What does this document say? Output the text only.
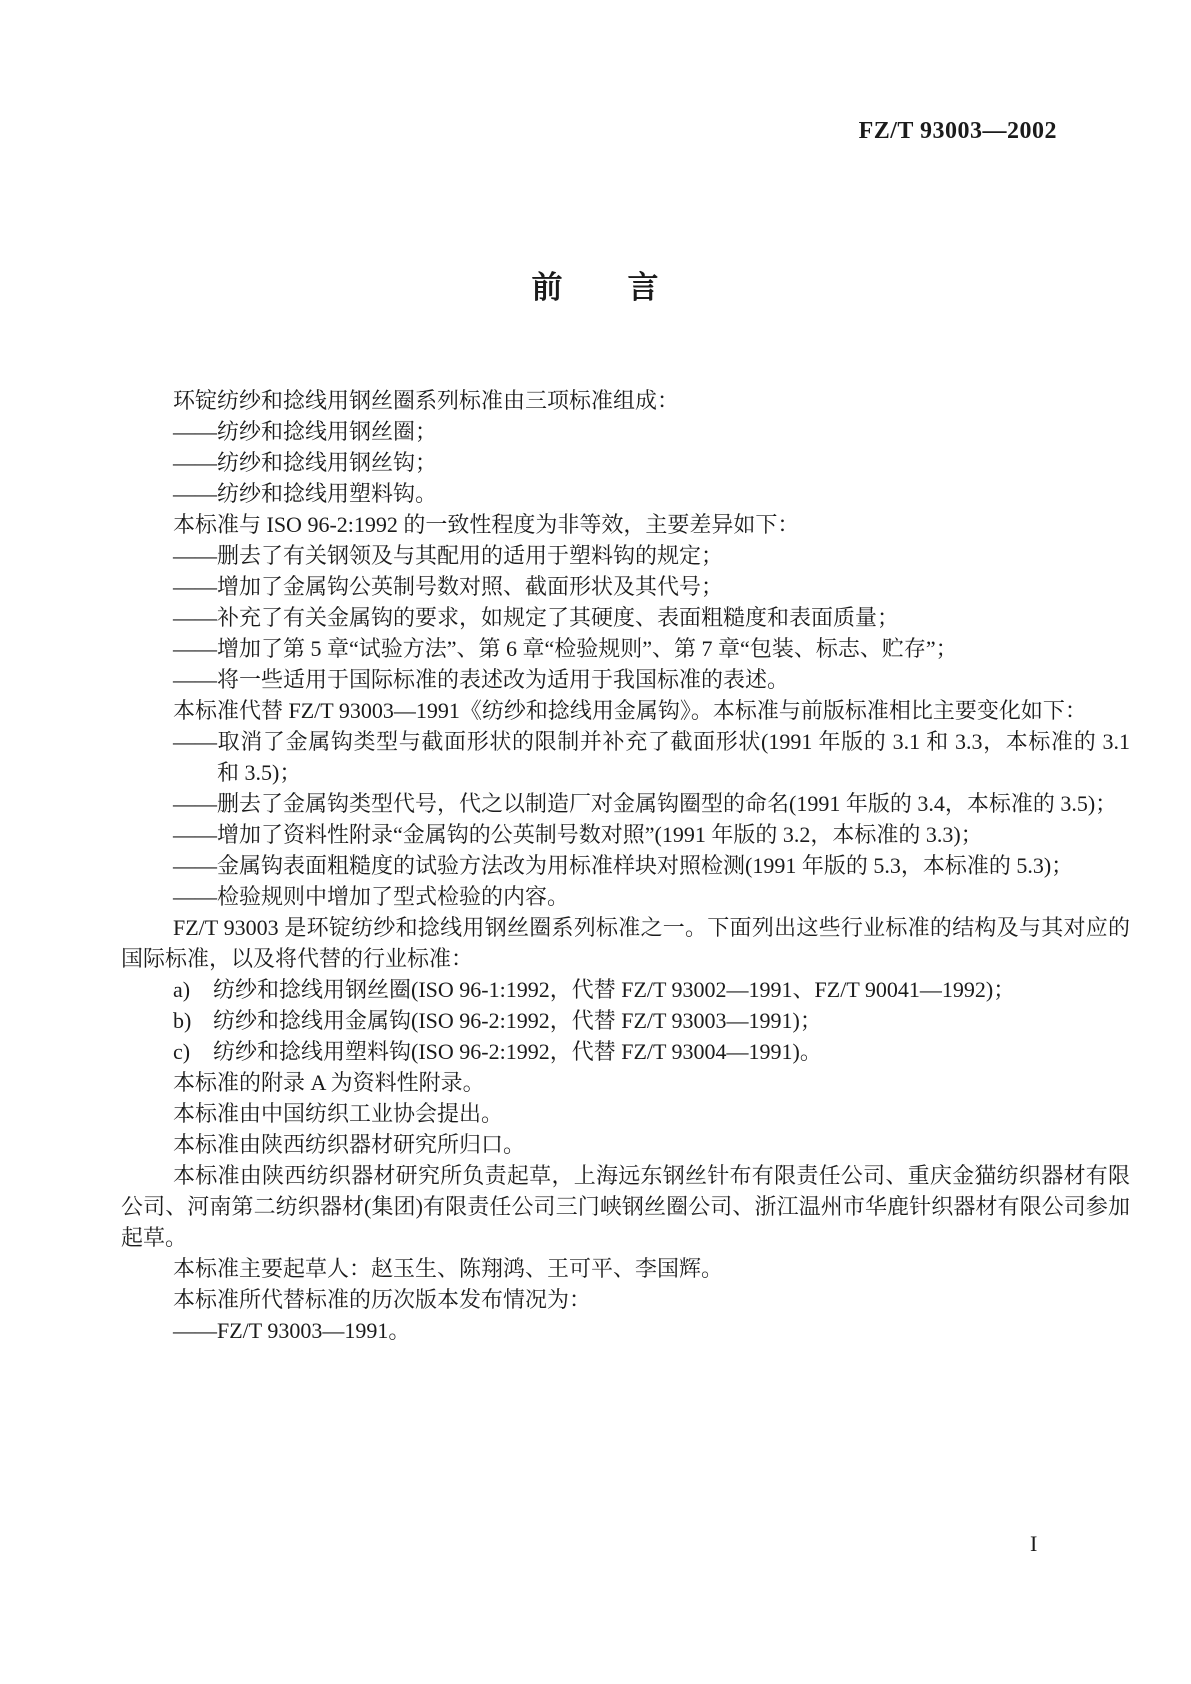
FZ/T 93003—2002
前　　言

环锭纺纱和捻线用钢丝圈系列标准由三项标准组成：

——纺纱和捻线用钢丝圈；

——纺纱和捻线用钢丝钩；

——纺纱和捻线用塑料钩。

本标准与 ISO 96-2:1992 的一致性程度为非等效，主要差异如下：

——删去了有关钢领及与其配用的适用于塑料钩的规定；

——增加了金属钩公英制号数对照、截面形状及其代号；

——补充了有关金属钩的要求，如规定了其硬度、表面粗糙度和表面质量；

——增加了第 5 章“试验方法”、第 6 章“检验规则”、第 7 章“包装、标志、贮存”；

——将一些适用于国际标准的表述改为适用于我国标准的表述。

本标准代替 FZ/T 93003—1991《纺纱和捻线用金属钩》。本标准与前版标准相比主要变化如下：

——取消了金属钩类型与截面形状的限制并补充了截面形状(1991 年版的 3.1 和 3.3，本标准的 3.1 和 3.5)；

——删去了金属钩类型代号，代之以制造厂对金属钩圈型的命名(1991 年版的 3.4，本标准的 3.5)；

——增加了资料性附录“金属钩的公英制号数对照”(1991 年版的 3.2，本标准的 3.3)；

——金属钩表面粗糙度的试验方法改为用标准样块对照检测(1991 年版的 5.3，本标准的 5.3)；

——检验规则中增加了型式检验的内容。

FZ/T 93003 是环锭纺纱和捻线用钢丝圈系列标准之一。下面列出这些行业标准的结构及与其对应的国际标准，以及将代替的行业标准：

a) 纺纱和捻线用钢丝圈(ISO 96-1:1992，代替 FZ/T 93002—1991、FZ/T 90041—1992)；

b) 纺纱和捻线用金属钩(ISO 96-2:1992，代替 FZ/T 93003—1991)；

c) 纺纱和捻线用塑料钩(ISO 96-2:1992，代替 FZ/T 93004—1991)。

本标准的附录 A 为资料性附录。

本标准由中国纺织工业协会提出。

本标准由陕西纺织器材研究所归口。

本标准由陕西纺织器材研究所负责起草，上海远东钢丝针布有限责任公司、重庆金猫纺织器材有限公司、河南第二纺织器材(集团)有限责任公司三门峡钢丝圈公司、浙江温州市华鹿针织器材有限公司参加起草。

本标准主要起草人：赵玉生、陈翔鸿、王可平、李国辉。

本标准所代替标准的历次版本发布情况为：

——FZ/T 93003—1991。

I
